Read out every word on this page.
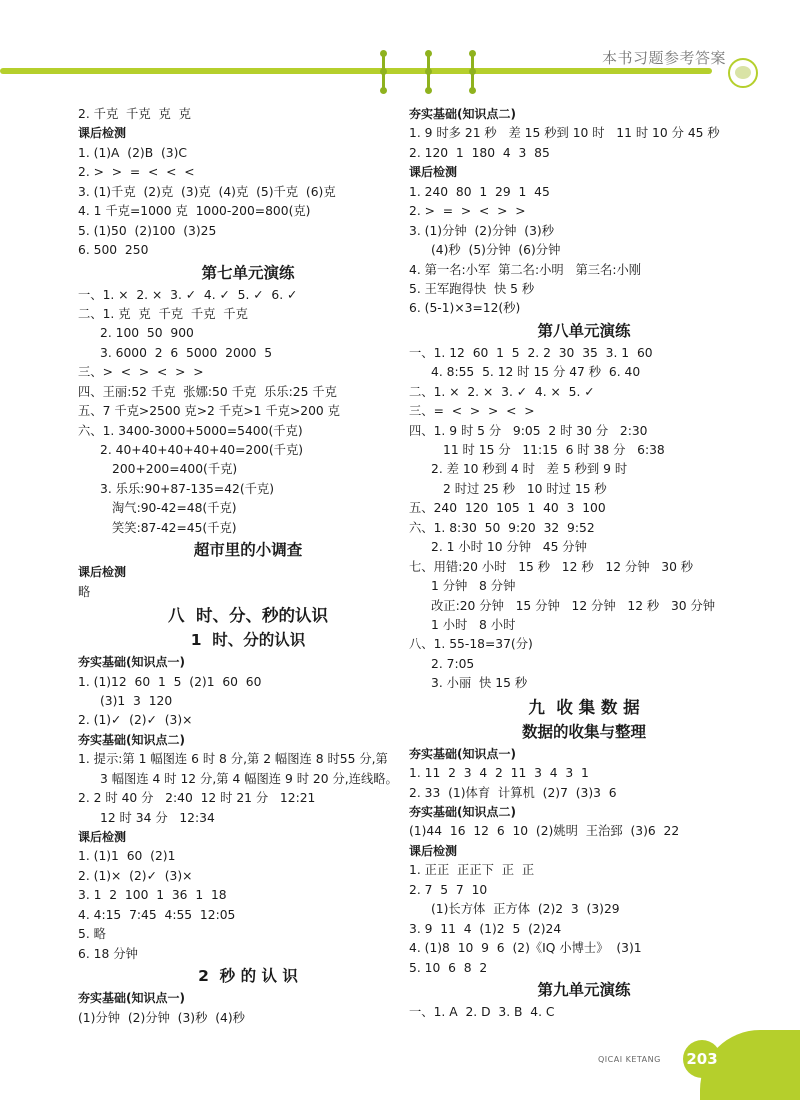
本书习题参考答案
2. 千克  千克  克  克
课后检测
1. (1)A  (2)B  (3)C
2. >  >  =  <  <  <
3. (1)千克  (2)克  (3)克  (4)克  (5)千克  (6)克
4. 1 千克=1000 克  1000-200=800(克)
5. (1)50  (2)100  (3)25
6. 500  250
第七单元演练
一、1. ×  2. ×  3. ✓  4. ✓  5. ✓  6. ✓
二、1. 克  克  千克  千克  千克
2. 100  50  900
3. 6000  2  6  5000  2000  5
三、>  <  >  <  >  >
四、王丽:52 千克  张娜:50 千克  乐乐:25 千克
五、7 千克>2500 克>2 千克>1 千克>200 克
六、1. 3400-3000+5000=5400(千克)
2. 40+40+40+40+40=200(千克)
200+200=400(千克)
3. 乐乐:90+87-135=42(千克)
淘气:90-42=48(千克)
笑笑:87-42=45(千克)
超市里的小调查
课后检测
略
八  时、分、秒的认识
1  时、分的认识
夯实基础(知识点一)
1. (1)12  60  1  5  (2)1  60  60
(3)1  3  120
2. (1)✓  (2)✓  (3)×
夯实基础(知识点二)
1. 提示:第 1 幅图连 6 时 8 分,第 2 幅图连 8 时55 分,第
3 幅图连 4 时 12 分,第 4 幅图连 9 时 20 分,连线略。
2. 2 时 40 分   2:40  12 时 21 分   12:21
12 时 34 分   12:34
课后检测
1. (1)1  60  (2)1
2. (1)×  (2)✓  (3)×
3. 1  2  100  1  36  1  18
4. 4:15  7:45  4:55  12:05
5. 略
6. 18 分钟
2  秒 的 认 识
夯实基础(知识点一)
(1)分钟  (2)分钟  (3)秒  (4)秒
夯实基础(知识点二)
1. 9 时多 21 秒   差 15 秒到 10 时   11 时 10 分 45 秒
2. 120  1  180  4  3  85
课后检测
1. 240  80  1  29  1  45
2. >  =  >  <  >  >
3. (1)分钟  (2)分钟  (3)秒
(4)秒  (5)分钟  (6)分钟
4. 第一名:小军  第二名:小明   第三名:小刚
5. 王军跑得快  快 5 秒
6. (5-1)×3=12(秒)
第八单元演练
一、1. 12  60  1  5  2. 2  30  35  3. 1  60
4. 8:55  5. 12 时 15 分 47 秒  6. 40
二、1. ×  2. ×  3. ✓  4. ×  5. ✓
三、=  <  >  >  <  >
四、1. 9 时 5 分   9:05  2 时 30 分   2:30
11 时 15 分   11:15  6 时 38 分   6:38
2. 差 10 秒到 4 时   差 5 秒到 9 时
2 时过 25 秒   10 时过 15 秒
五、240  120  105  1  40  3  100
六、1. 8:30  50  9:20  32  9:52
2. 1 小时 10 分钟   45 分钟
七、用错:20 小时   15 秒   12 秒   12 分钟   30 秒
1 分钟   8 分钟
改正:20 分钟   15 分钟   12 分钟   12 秒   30 分钟
1 小时   8 小时
八、1. 55-18=37(分)
2. 7:05
3. 小丽  快 15 秒
九  收 集 数 据
数据的收集与整理
夯实基础(知识点一)
1. 11  2  3  4  2  11  3  4  3  1
2. 33  (1)体育  计算机  (2)7  (3)3  6
夯实基础(知识点二)
(1)44  16  12  6  10  (2)姚明  王治郅  (3)6  22
课后检测
1. 正正  正正下  正  正
2. 7  5  7  10
(1)长方体  正方体  (2)2  3  (3)29
3. 9  11  4  (1)2  5  (2)24
4. (1)8  10  9  6  (2)《IQ 小博士》  (3)1
5. 10  6  8  2
第九单元演练
一、1. A  2. D  3. B  4. C
QICAI KETANG 203
